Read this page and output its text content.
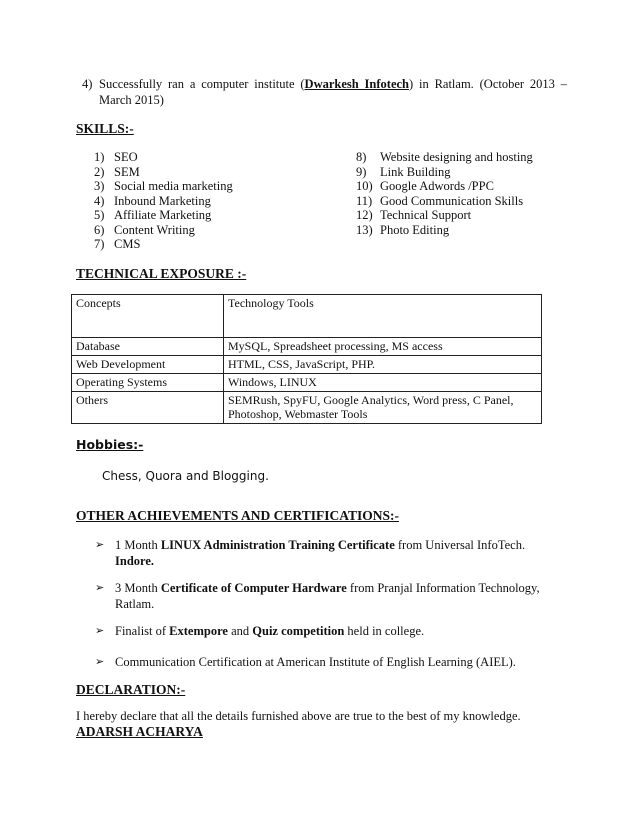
4) Successfully ran a computer institute (Dwarkesh Infotech) in Ratlam. (October 2013 – March 2015)
SKILLS:-
1) SEO
2) SEM
3) Social media marketing
4) Inbound Marketing
5) Affiliate Marketing
6) Content Writing
7) CMS
8)	Website designing and hosting
9)	Link Building
10) Google Adwords /PPC
11) Good Communication Skills
12) Technical Support
13) Photo Editing
TECHNICAL EXPOSURE :-
Concepts	Technology Tools
Database	MySQL, Spreadsheet processing, MS access
Web Development	HTML, CSS, JavaScript, PHP.
Operating Systems	Windows, LINUX
Others	SEMRush, SpyFU, Google Analytics, Word press, C Panel,
Photoshop, Webmaster Tools
Hobbies:-
Chess, Quora and Blogging.
OTHER ACHIEVEMENTS AND CERTIFICATIONS:-
➢ 1 Month LINUX Administration Training Certificate from Universal InfoTech. Indore.
➢ 3 Month Certificate of Computer Hardware from Pranjal Information Technology, Ratlam.
➢ Finalist of Extempore and Quiz competition held in college.
➢ Communication Certification at American Institute of English Learning (AIEL).
DECLARATION:-
I hereby declare that all the details furnished above are true to the best of my knowledge.
ADARSH ACHARYA
